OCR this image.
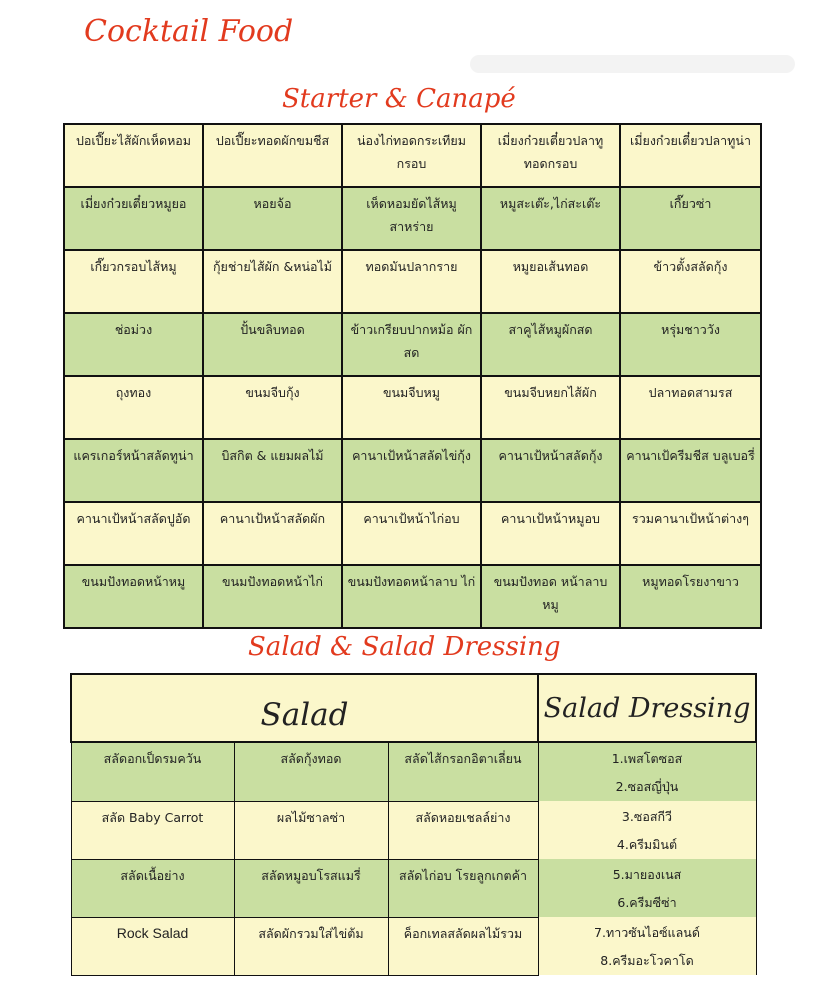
Cocktail Food
Starter & Canapé
ปอเปี๊ยะไส้ผักเห็ดหอม	ปอเปี๊ยะทอดผักขมชีส	น่องไก่ทอดกระเทียม กรอบ	เมี่ยงก๋วยเตี๋ยวปลาทู ทอดกรอบ	เมี่ยงก๋วยเตี๋ยวปลาทูน่า
เมี่ยงก๋วยเตี๋ยวหมูยอ	หอยจ้อ	เห็ดหอมยัดไส้หมู สาหร่าย	หมูสะเต๊ะ,ไก่สะเต๊ะ	เกี๊ยวซ่า
เกี๊ยวกรอบไส้หมู	กุ้ยช่ายไส้ผัก &หน่อไม้	ทอดมันปลากราย	หมูยอเส้นทอด	ข้าวตั้งสลัดกุ้ง
ช่อม่วง	ปั้นขลิบทอด	ข้าวเกรียบปากหม้อ ผักสด	สาคูไส้หมูผักสด	หรุ่มชาววัง
ถุงทอง	ขนมจีบกุ้ง	ขนมจีบหมู	ขนมจีบหยกไส้ผัก	ปลาทอดสามรส
แครเกอร์หน้าสลัดทูน่า	บิสกิต & แยมผลไม้	คานาเป้หน้าสลัดไข่กุ้ง	คานาเป้หน้าสลัดกุ้ง	คานาเป้ครีมชีส บลูเบอรี่
คานาเป้หน้าสลัดปูอัด	คานาเป้หน้าสลัดผัก	คานาเป้หน้าไก่อบ	คานาเป้หน้าหมูอบ	รวมคานาเป้หน้าต่างๆ
ขนมปังทอดหน้าหมู	ขนมปังทอดหน้าไก่	ขนมปังทอดหน้าลาบ ไก่	ขนมปังทอด หน้าลาบหมู	หมูทอดโรยงาขาว
Salad & Salad Dressing
Salad			Salad Dressing
สลัดอกเป็ดรมควัน	สลัดกุ้งทอด	สลัดไส้กรอกอิตาเลี่ยน	1.เพสโตซอส
2.ซอสญี่ปุ่น

สลัด Baby Carrot	ผลไม้ซาลซ่า	สลัดหอยเชลล์ย่าง	3.ซอสกีวี
4.ครีมมินต์

สลัดเนื้อย่าง	สลัดหมูอบโรสแมรี่	สลัดไก่อบ โรยลูกเกตค้า	5.มายองเนส
6.ครีมซีซ่า

Rock Salad	สลัดผักรวมใส่ไข่ต้ม	ค็อกเทลสลัดผลไม้รวม	7.ทาวซันไอซ์แลนด์
8.ครีมอะโวคาโด
